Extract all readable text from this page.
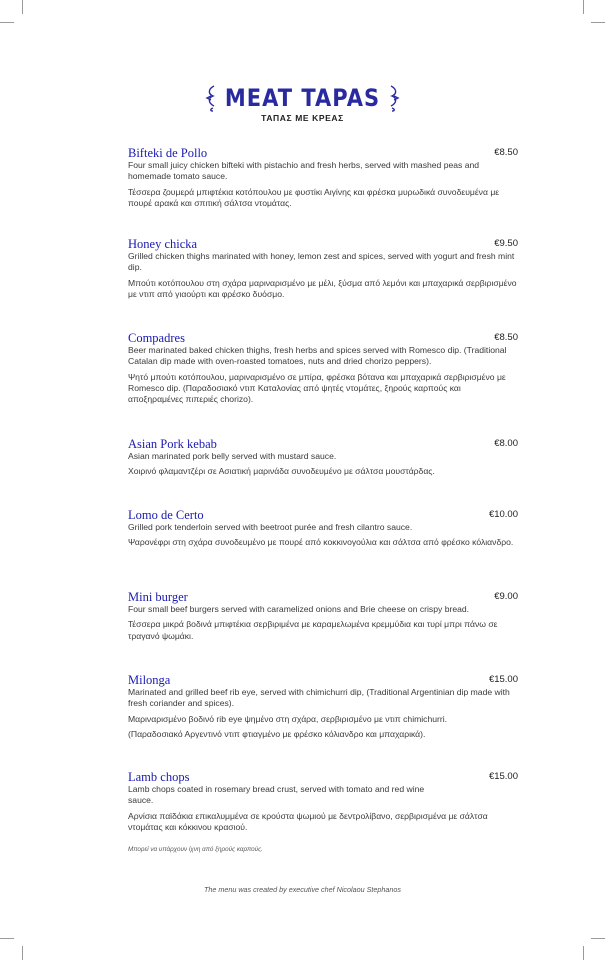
MEAT TAPAS
ΤΑΠΑΣ ΜΕ ΚΡΕΑΣ
Bifteki de Pollo	€8.50
Four small juicy chicken bifteki with pistachio and fresh herbs, served with mashed peas and homemade tomato sauce.
Τέσσερα ζουμερά μπιφτέκια κοτόπουλου με φυστίκι Αιγίνης και φρέσκα μυρωδικά συνοδευμένα με πουρέ αρακά και σπιτική σάλτσα ντομάτας.
Honey chicka	€9.50
Grilled chicken thighs marinated with honey, lemon zest and spices, served with yogurt and fresh mint dip.
Μπούτι κοτόπουλου στη σχάρα μαριναρισμένο με μέλι, ξύσμα από λεμόνι και μπαχαρικά σερβιρισμένο με ντιπ από γιαούρτι και φρέσκο δυόσμο.
Compadres	€8.50
Beer marinated baked chicken thighs, fresh herbs and spices served with Romesco dip. (Traditional Catalan dip made with oven-roasted tomatoes, nuts and dried chorizo peppers).
Ψητό μπούτι κοτόπουλου, μαριναρισμένο σε μπίρα, φρέσκα βότανα και μπαχαρικά σερβιρισμένο με Romesco dip. (Παραδοσιακό ντιπ Καταλονίας από ψητές ντομάτες, ξηρούς καρπούς και αποξηραμένες πιπεριές chorizo).
Asian Pork kebab	€8.00
Asian marinated pork belly served with mustard sauce.
Χοιρινό φλαμαντζέρι σε Ασιατική μαρινάδα συνοδευμένο με σάλτσα μουστάρδας.
Lomo de Certo	€10.00
Grilled pork tenderloin served with beetroot purée and fresh cilantro sauce.
Ψαρονέφρι στη σχάρα συνοδευμένο με πουρέ από κοκκινογούλια και σάλτσα από φρέσκο κόλιανδρο.
Mini burger	€9.00
Four small beef burgers served with caramelized onions and Brie cheese on crispy bread.
Τέσσερα μικρά βοδινά μπιφτέκια σερβιριμένα με καραμελωμένα κρεμμύδια και τυρί μπρι πάνω σε τραγανό ψωμάκι.
Milonga	€15.00
Marinated and grilled beef rib eye, served with chimichurri dip, (Traditional Argentinian dip made with fresh coriander and spices).
Μαριναρισμένο βοδινό rib eye ψημένο στη σχάρα, σερβιρισμένο με ντιπ chimichurri.
(Παραδοσιακό Αργεντινό ντιπ φτιαγμένο με φρέσκο κόλιανδρο και μπαχαρικά).
Lamb chops	€15.00
Lamb chops coated in rosemary bread crust, served with tomato and red wine sauce.
Αρνίσια παϊδάκια επικαλυμμένα σε κρούστα ψωμιού με δεντρολίβανο, σερβιρισμένα με σάλτσα ντομάτας και κόκκινου κρασιού.
Μπορεί να υπάρχουν ίχνη από ξηρούς καρπούς.
The menu was created by executive chef Nicolaou Stephanos
